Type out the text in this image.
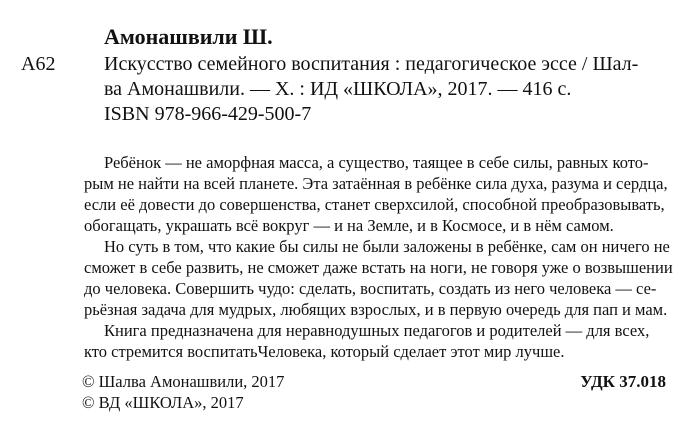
Амонашвили Ш.
А62 Искусство семейного воспитания : педагогическое эссе / Шал-
ва Амонашвили. — Х. : ИД «ШКОЛА», 2017. — 416 с.
ISBN 978-966-429-500-7
Ребёнок — не аморфная масса, а существо, таящее в себе силы, равных кото-
рым не найти на всей планете. Эта затаённая в ребёнке сила духа, разума и сердца,
если её довести до совершенства, станет сверхсилой, способной преобразовывать,
обогащать, украшать всё вокруг — и на Земле, и в Космосе, и в нём самом.
Но суть в том, что какие бы силы не были заложены в ребёнке, сам он ничего не
сможет в себе развить, не сможет даже встать на ноги, не говоря уже о возвышении
до человека. Совершить чудо: сделать, воспитать, создать из него человека — се-
рьёзная задача для мудрых, любящих взрослых, и в первую очередь для пап и мам.
Книга предназначена для неравнодушных педагогов и родителей — для всех,
кто стремится воспитатьЧеловека, который сделает этот мир лучше.
© Шалва Амонашвили, 2017
© ВД «ШКОЛА», 2017
УДК 37.018
